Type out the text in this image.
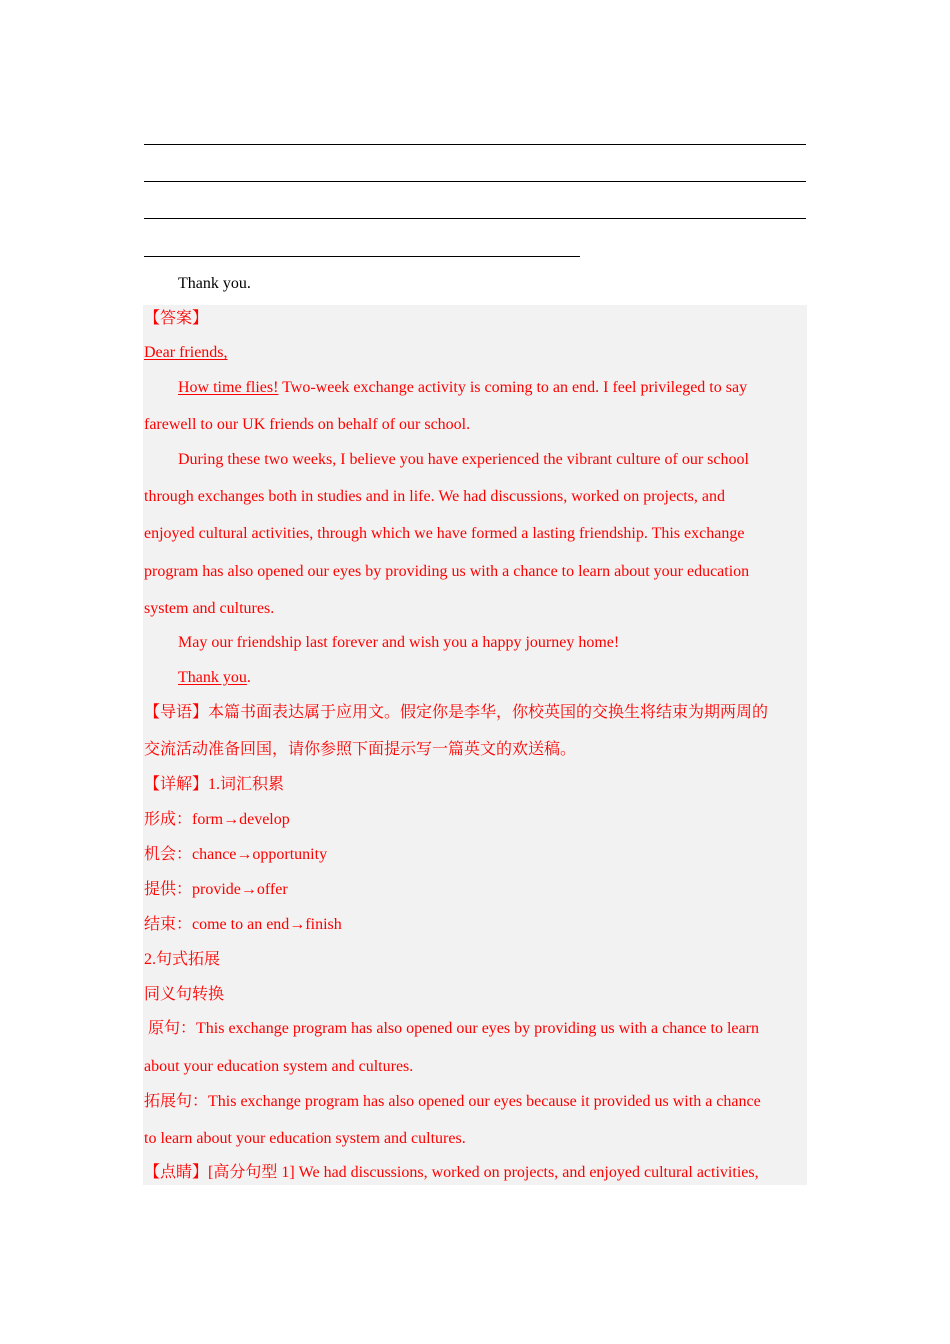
Thank you.
【答案】
Dear friends,
How time flies! Two-week exchange activity is coming to an end. I feel privileged to say
farewell to our UK friends on behalf of our school.
During these two weeks, I believe you have experienced the vibrant culture of our school
through exchanges both in studies and in life. We had discussions, worked on projects, and
enjoyed cultural activities, through which we have formed a lasting friendship. This exchange
program has also opened our eyes by providing us with a chance to learn about your education
system and cultures.
May our friendship last forever and wish you a happy journey home!
Thank you.
【导语】本篇书面表达属于应用文。假定你是李华，你校英国的交换生将结束为期两周的
交流活动准备回国，请你参照下面提示写一篇英文的欢送稿。
【详解】1.词汇积累
形成：form→develop
机会：chance→opportunity
提供：provide→offer
结束：come to an end→finish
2.句式拓展
同义句转换
原句：This exchange program has also opened our eyes by providing us with a chance to learn
about your education system and cultures.
拓展句：This exchange program has also opened our eyes because it provided us with a chance
to learn about your education system and cultures.
【点睛】[高分句型 1] We had discussions, worked on projects, and enjoyed cultural activities,
